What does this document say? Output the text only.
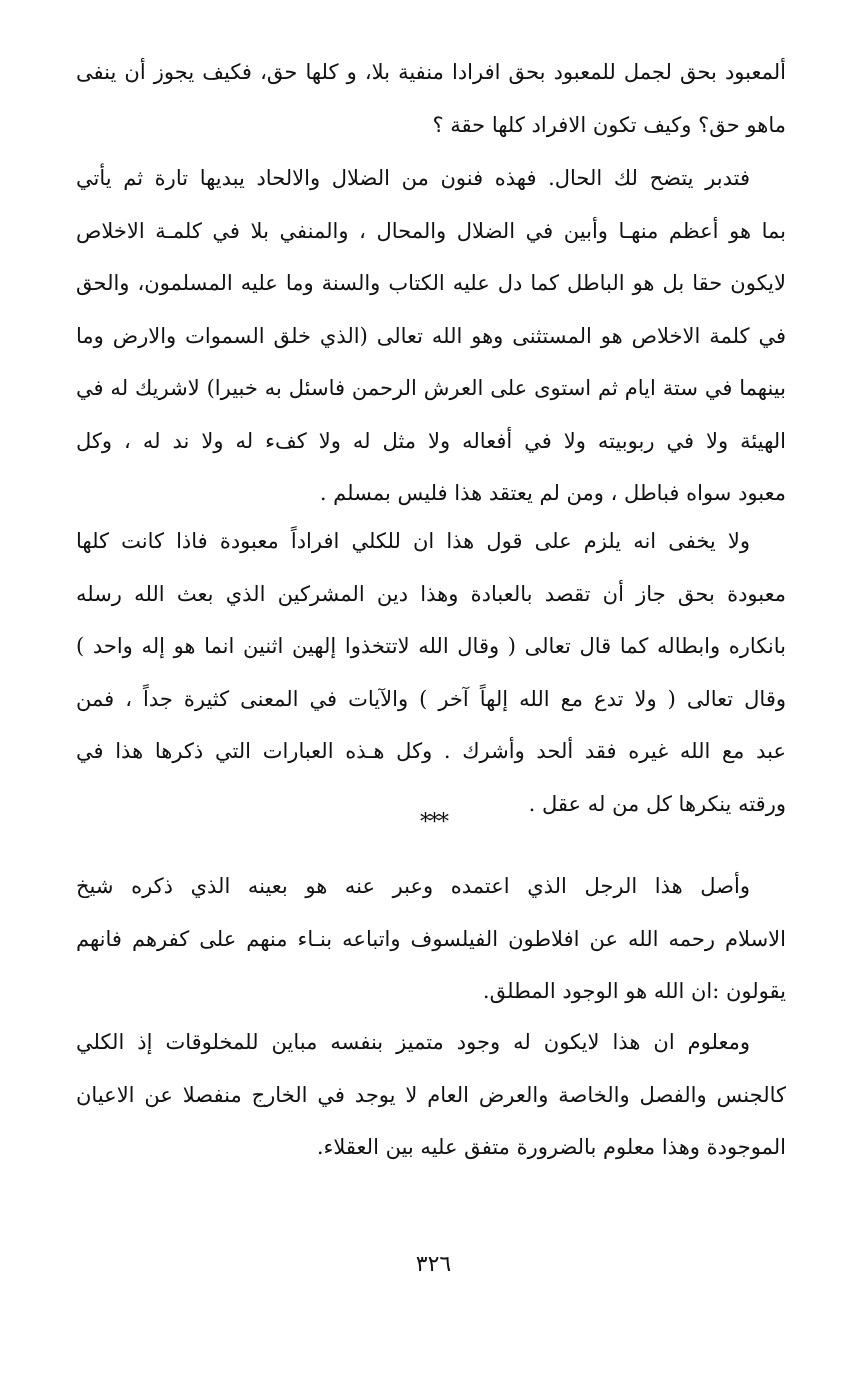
ألمعبود بحق لجمل للمعبود بحق افرادا منفية بلا، و كلها حق، فكيف يجوز أن ينفى
ماهو حق؟ وكيف تكون الافراد كلها حقة ؟
فتدبر يتضح لك الحال. فهذه فنون من الضلال والالحاد يبديها تارة ثم يأتي
بما هو أعظم منهـا وأبين في الضلال والمحال ، والمنفي بلا في كلمـة الاخلاص
لايكون حقا بل هو الباطل كما دل عليه الكتاب والسنة وما عليه المسلمون، والحق
في كلمة الاخلاص هو المستثنى وهو الله تعالى (الذي خلق السموات والارض وما
بينهما في ستة ايام ثم استوى على العرش الرحمن فاسئل به خبيرا) لاشريك له في
الهيئة ولا في ربوبيته ولا في أفعاله ولا مثل له ولا كفء له ولا ند له ، وكل
معبود سواه فباطل ، ومن لم يعتقد هذا فليس بمسلم .
ولا يخفى انه يلزم على قول هذا ان للكلي افراداً معبودة فاذا كانت كلها
معبودة بحق جاز أن تقصد بالعبادة وهذا دين المشركين الذي بعث الله رسله
بانكاره وابطاله كما قال تعالى ( وقال الله لاتتخذوا إلهين اثنين انما هو إله واحد )
وقال تعالى ( ولا تدع مع الله إلهاً آخر ) والآيات في المعنى كثيرة جداً ، فمن
عبد مع الله غيره فقد ألحد وأشرك . وكل هـذه العبارات التي ذكرها هذا في
ورقته ينكرها كل من له عقل .
***
وأصل هذا الرجل الذي اعتمده وعبر عنه هو بعينه الذي ذكره شيخ
الاسلام رحمه الله عن افلاطون الفيلسوف واتباعه بنـاء منهم على كفرهم فانهم
يقولون :ان الله هو الوجود المطلق.
ومعلوم ان هذا لايكون له وجود متميز بنفسه مباين للمخلوقات إذ الكلي
كالجنس والفصل والخاصة والعرض العام لا يوجد في الخارج منفصلا عن الاعيان
الموجودة وهذا معلوم بالضرورة متفق عليه بين العقلاء.
٣٢٦
